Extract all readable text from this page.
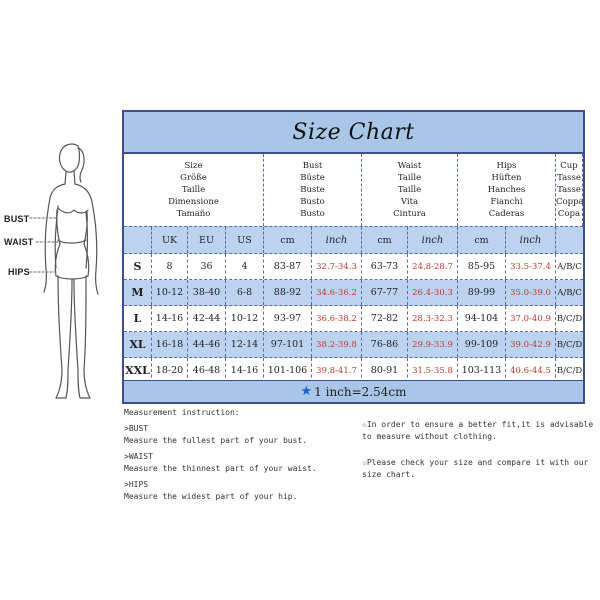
BUST
WAIST
HIPS
Size Chart
Size
Größe
Taille
Dimensione
Tamaño
Bust
Büste
Buste
Busto
Busto
Waist
Taille
Taille
Vita
Cintura
Hips
Hüften
Hanches
Fianchi
Caderas
Cup
Tasse
Tasse
Coppa
Copa
UK	EU	US	cm	inch	cm	inch	cm	inch
S	8	36	4	83-87	32.7-34.3	63-73	24.8-28.7	85-95	33.5-37.4 A/B/C
M	10-12	38-40	6-8	88-92	34.6-36.2	67-77	26.4-30.3	89-99	35.0-39.0 A/B/C
L	14-16	42-44	10-12	93-97	36.6-38.2	72-82	28.3-32.3	94-104	37.0-40.9 B/C/D
XL	16-18	44-46	12-14	97-101	38.2-39.8	76-86	29.9-33.9	99-109	39.0-42.9 B/C/D
XXL 18-20	46-48	14-16	101-106	39.8-41.7	80-91	31.5-35.8 103-113	40.6-44.5 B/C/D
★ 1 inch=2.54cm
Measurement instruction:
>BUST
Measure the fullest part of your bust.
>WAIST
Measure the thinnest part of your waist.
>HIPS
Measure the widest part of your hip.
☆In order to ensure a better fit,it is advisable
to measure without clothing.
☆Please check your size and compare it with our
size chart.
